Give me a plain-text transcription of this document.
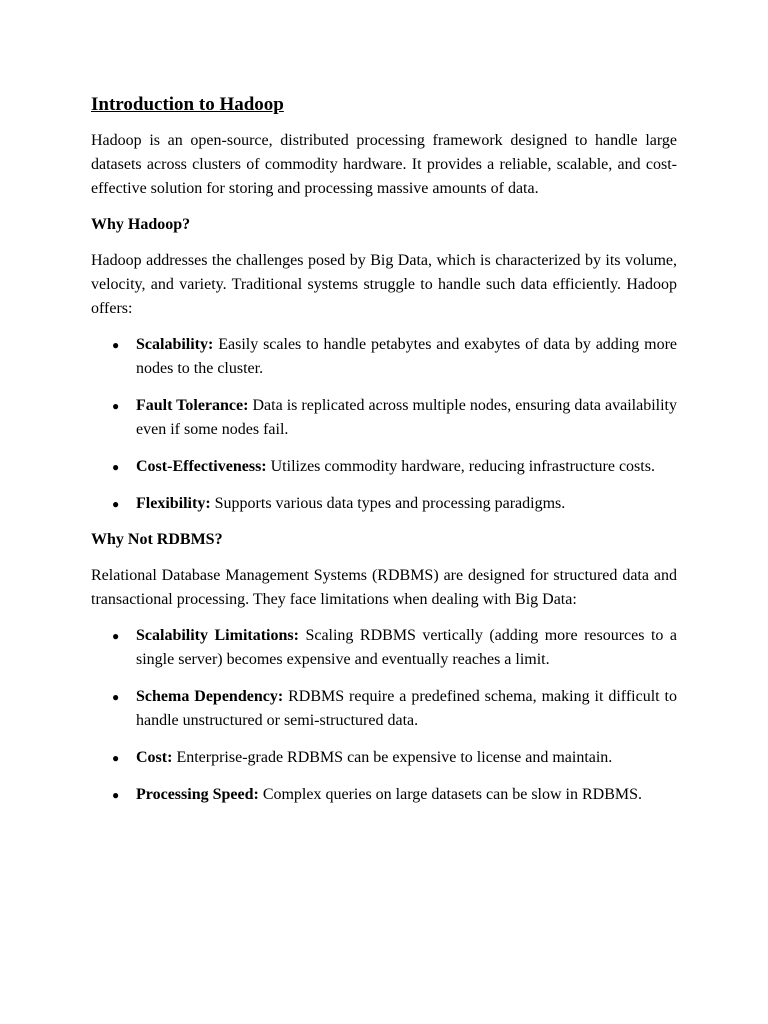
Introduction to Hadoop

Hadoop is an open-source, distributed processing framework designed to handle large datasets across clusters of commodity hardware. It provides a reliable, scalable, and cost-effective solution for storing and processing massive amounts of data.

Why Hadoop?

Hadoop addresses the challenges posed by Big Data, which is characterized by its volume, velocity, and variety. Traditional systems struggle to handle such data efficiently. Hadoop offers:

● Scalability: Easily scales to handle petabytes and exabytes of data by adding more nodes to the cluster.
● Fault Tolerance: Data is replicated across multiple nodes, ensuring data availability even if some nodes fail.
● Cost-Effectiveness: Utilizes commodity hardware, reducing infrastructure costs.
● Flexibility: Supports various data types and processing paradigms.

Why Not RDBMS?

Relational Database Management Systems (RDBMS) are designed for structured data and transactional processing. They face limitations when dealing with Big Data:

● Scalability Limitations: Scaling RDBMS vertically (adding more resources to a single server) becomes expensive and eventually reaches a limit.
● Schema Dependency: RDBMS require a predefined schema, making it difficult to handle unstructured or semi-structured data.
● Cost: Enterprise-grade RDBMS can be expensive to license and maintain.
● Processing Speed: Complex queries on large datasets can be slow in RDBMS.
